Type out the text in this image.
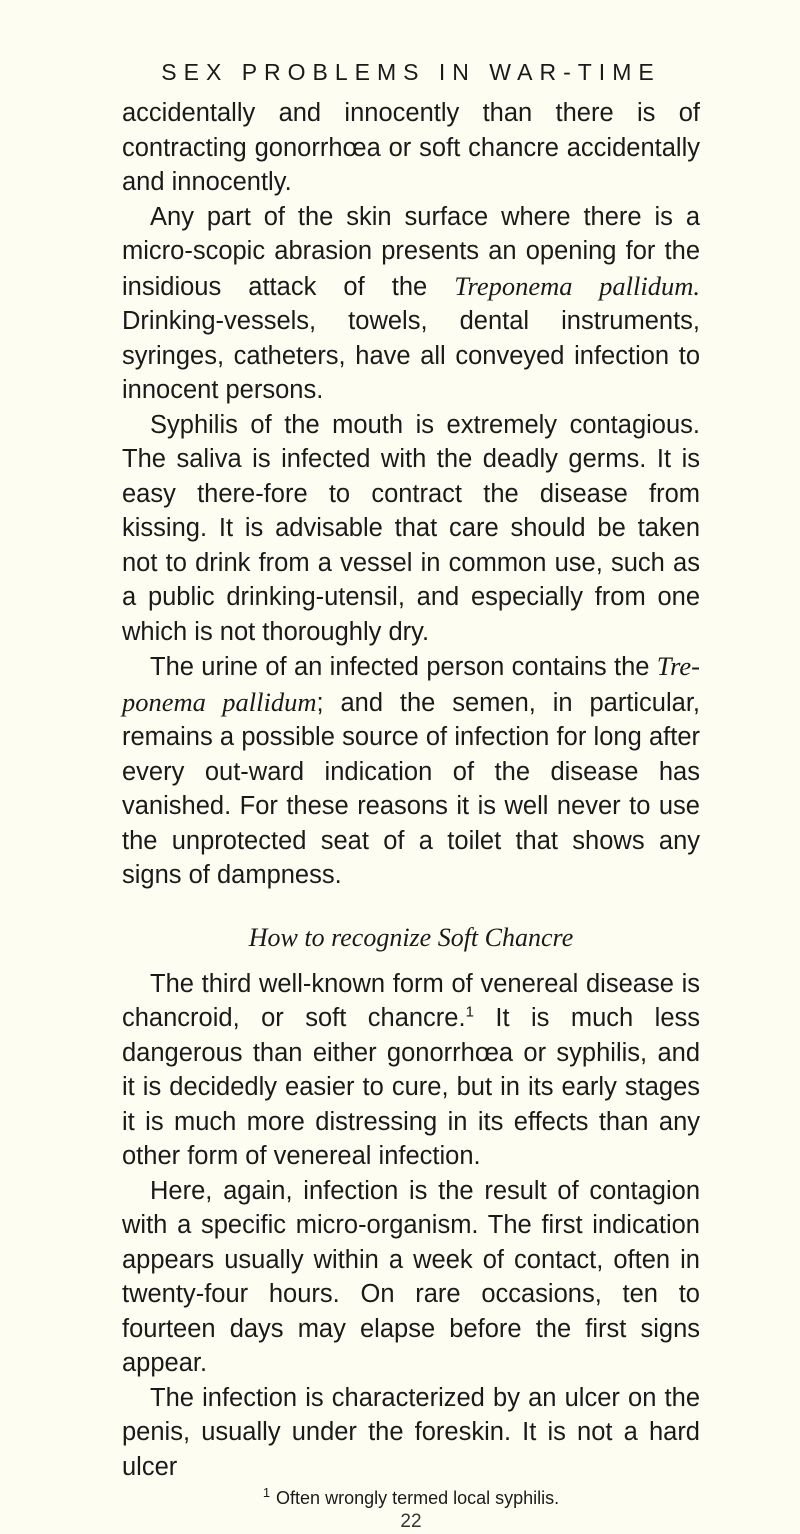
SEX PROBLEMS IN WAR-TIME

accidentally and innocently than there is of contracting gonorrhœa or soft chancre accidentally and innocently.

Any part of the skin surface where there is a micro-scopic abrasion presents an opening for the insidious attack of the Treponema pallidum. Drinking-vessels, towels, dental instruments, syringes, catheters, have all conveyed infection to innocent persons.

Syphilis of the mouth is extremely contagious. The saliva is infected with the deadly germs. It is easy there-fore to contract the disease from kissing. It is advisable that care should be taken not to drink from a vessel in common use, such as a public drinking-utensil, and especially from one which is not thoroughly dry.

The urine of an infected person contains the Tre-ponema pallidum; and the semen, in particular, remains a possible source of infection for long after every out-ward indication of the disease has vanished. For these reasons it is well never to use the unprotected seat of a toilet that shows any signs of dampness.

How to recognize Soft Chancre

The third well-known form of venereal disease is chancroid, or soft chancre.$^1$ It is much less dangerous than either gonorrhœa or syphilis, and it is decidedly easier to cure, but in its early stages it is much more distressing in its effects than any other form of venereal infection.

Here, again, infection is the result of contagion with a specific micro-organism. The first indication appears usually within a week of contact, often in twenty-four hours. On rare occasions, ten to fourteen days may elapse before the first signs appear.

The infection is characterized by an ulcer on the penis, usually under the foreskin. It is not a hard ulcer

$^1$ Often wrongly termed local syphilis.
22
